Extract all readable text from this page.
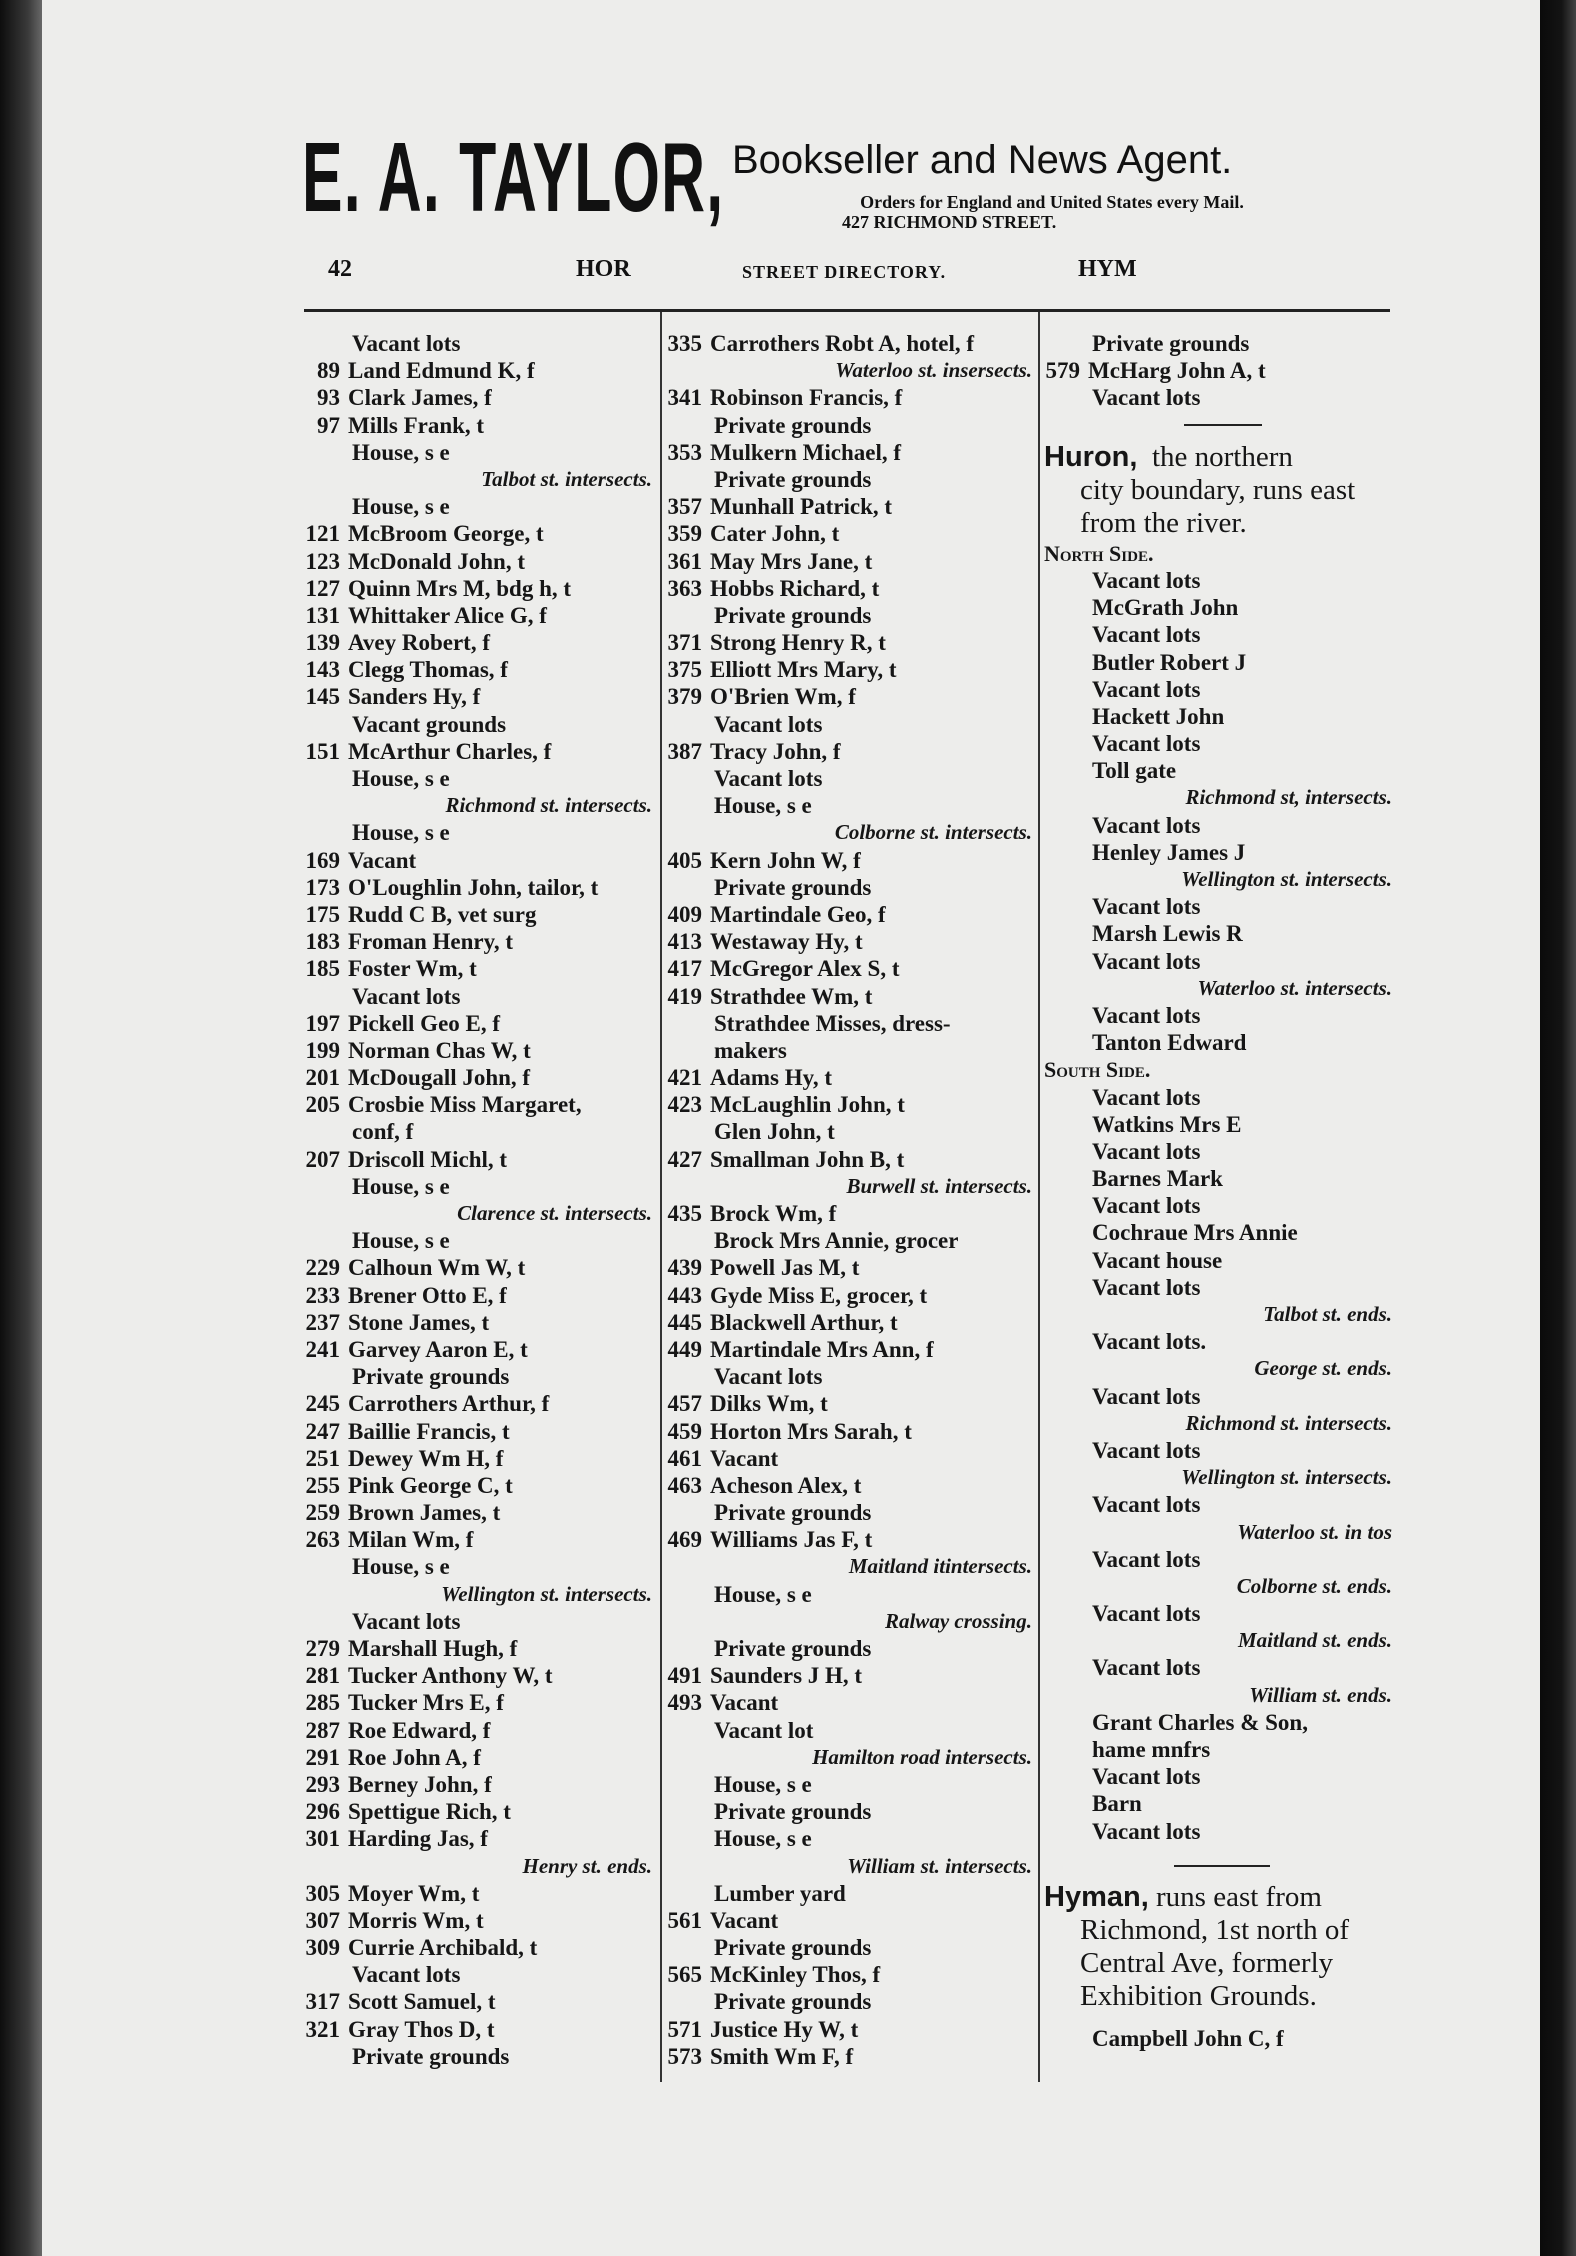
E. A. TAYLOR, Bookseller and News Agent.
Orders for England and United States every Mail.
427 RICHMOND STREET.
42	HOR	STREET DIRECTORY.	HYM
Vacant lots
89 Land Edmund K, f
93 Clark James, f
97 Mills Frank, t
House, s e
Talbot st. intersects.
House, s e
121 McBroom George, t
123 McDonald John, t
127 Quinn Mrs M, bdg h, t
131 Whittaker Alice G, f
139 Avey Robert, f
143 Clegg Thomas, f
145 Sanders Hy, f
Vacant grounds
151 McArthur Charles, f
House, s e
Richmond st. intersects.
House, s e
169 Vacant
173 O'Loughlin John, tailor, t
175 Rudd C B, vet surg
183 Froman Henry, t
185 Foster Wm, t
Vacant lots
197 Pickell Geo E, f
199 Norman Chas W, t
201 McDougall John, f
205 Crosbie Miss Margaret,
conf, f
207 Driscoll Michl, t
House, s e
Clarence st. intersects.
House, s e
229 Calhoun Wm W, t
233 Brener Otto E, f
237 Stone James, t
241 Garvey Aaron E, t
Private grounds
245 Carrothers Arthur, f
247 Baillie Francis, t
251 Dewey Wm H, f
255 Pink George C, t
259 Brown James, t
263 Milan Wm, f
House, s e
Wellington st. intersects.
Vacant lots
279 Marshall Hugh, f
281 Tucker Anthony W, t
285 Tucker Mrs E, f
287 Roe Edward, f
291 Roe John A, f
293 Berney John, f
296 Spettigue Rich, t
301 Harding Jas, f
Henry st. ends.
305 Moyer Wm, t
307 Morris Wm, t
309 Currie Archibald, t
Vacant lots
317 Scott Samuel, t
321 Gray Thos D, t
Private grounds
335 Carrothers Robt A, hotel, f
Waterloo st. insersects.
341 Robinson Francis, f
Private grounds
353 Mulkern Michael, f
Private grounds
357 Munhall Patrick, t
359 Cater John, t
361 May Mrs Jane, t
363 Hobbs Richard, t
Private grounds
371 Strong Henry R, t
375 Elliott Mrs Mary, t
379 O'Brien Wm, f
Vacant lots
387 Tracy John, f
Vacant lots
House, s e
Colborne st. intersects.
405 Kern John W, f
Private grounds
409 Martindale Geo, f
413 Westaway Hy, t
417 McGregor Alex S, t
419 Strathdee Wm, t
Strathdee Misses, dress-
makers
421 Adams Hy, t
423 McLaughlin John, t
Glen John, t
427 Smallman John B, t
Burwell st. intersects.
435 Brock Wm, f
Brock Mrs Annie, grocer
439 Powell Jas M, t
443 Gyde Miss E, grocer, t
445 Blackwell Arthur, t
449 Martindale Mrs Ann, f
Vacant lots
457 Dilks Wm, t
459 Horton Mrs Sarah, t
461 Vacant
463 Acheson Alex, t
Private grounds
469 Williams Jas F, t
Maitland itintersects.
House, s e
Ralway crossing.
Private grounds
491 Saunders J H, t
493 Vacant
Vacant lot
Hamilton road intersects.
House, s e
Private grounds
House, s e
William st. intersects.
Lumber yard
561 Vacant
Private grounds
565 McKinley Thos, f
Private grounds
571 Justice Hy W, t
573 Smith Wm F, f
Private grounds
579 McHarg John A, t
Vacant lots
Huron, the northern
city boundary, runs east
from the river.
North Side.
Vacant lots
McGrath John
Vacant lots
Butler Robert J
Vacant lots
Hackett John
Vacant lots
Toll gate
Richmond st, intersects.
Vacant lots
Henley James J
Wellington st. intersects.
Vacant lots
Marsh Lewis R
Vacant lots
Waterloo st. intersects.
Vacant lots
Tanton Edward
South Side.
Vacant lots
Watkins Mrs E
Vacant lots
Barnes Mark
Vacant lots
Cochraue Mrs Annie
Vacant house
Vacant lots
Talbot st. ends.
Vacant lots.
George st. ends.
Vacant lots
Richmond st. intersects.
Vacant lots
Wellington st. intersects.
Vacant lots
Waterloo st. in tos
Vacant lots
Colborne st. ends.
Vacant lots
Maitland st. ends.
Vacant lots
William st. ends.
Grant Charles & Son,
hame mnfrs
Vacant lots
Barn
Vacant lots
Hyman, runs east from
Richmond, 1st north of
Central Ave, formerly
Exhibition Grounds.
Campbell John C, f
